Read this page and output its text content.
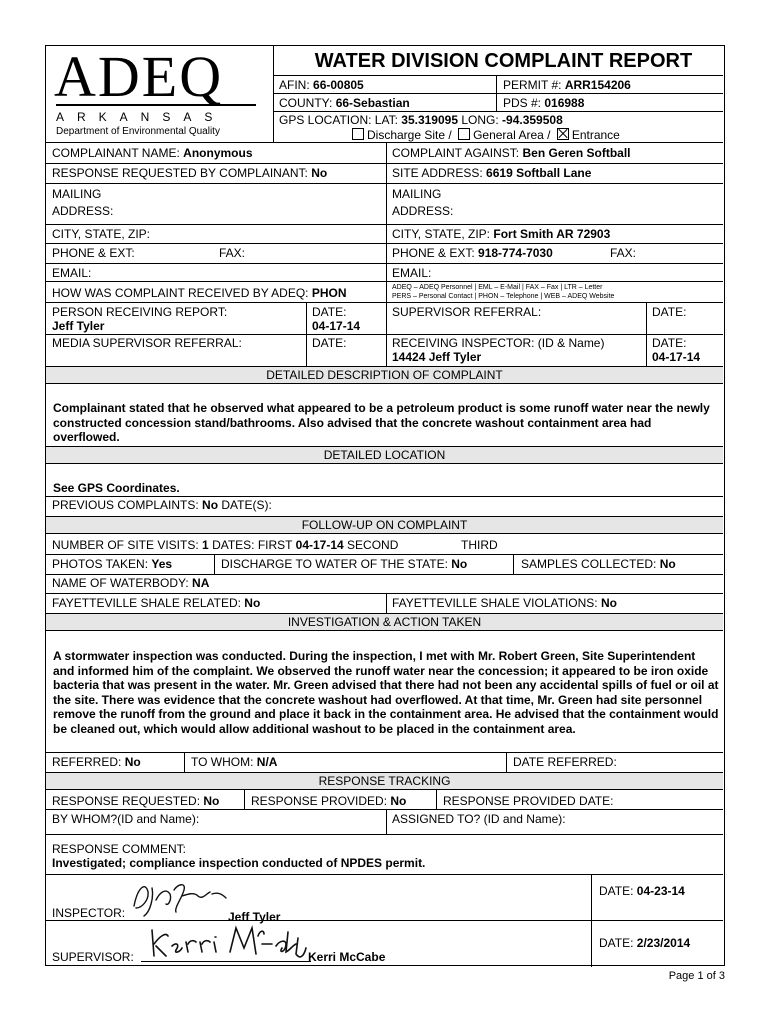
ADEQ
ARKANSAS
Department of Environmental Quality
WATER DIVISION COMPLAINT REPORT
AFIN: 66-00805	PERMIT #: ARR154206
COUNTY: 66-Sebastian	PDS #: 016988
GPS LOCATION: LAT: 35.319095 LONG: -94.359508
Discharge Site / General Area / Entrance
COMPLAINANT NAME: Anonymous	COMPLAINT AGAINST: Ben Geren Softball
RESPONSE REQUESTED BY COMPLAINANT: No	SITE ADDRESS: 6619 Softball Lane
MAILING
ADDRESS:
MAILING
ADDRESS:
CITY, STATE, ZIP:	CITY, STATE, ZIP: Fort Smith AR 72903
PHONE & EXT:	FAX:	PHONE & EXT: 918-774-7030	FAX:
EMAIL:	EMAIL:
HOW WAS COMPLAINT RECEIVED BY ADEQ: PHON	ADEQ – ADEQ Personnel | EML – E-Mail | FAX – Fax | LTR – Letter
PERS – Personal Contact | PHON – Telephone | WEB – ADEQ Website
PERSON RECEIVING REPORT:
Jeff Tyler
DATE:
04-17-14
SUPERVISOR REFERRAL:	DATE:
MEDIA SUPERVISOR REFERRAL:	DATE:	RECEIVING INSPECTOR: (ID & Name)
14424 Jeff Tyler
DATE:
04-17-14
DETAILED DESCRIPTION OF COMPLAINT
Complainant stated that he observed what appeared to be a petroleum product is some runoff water near the newly constructed concession stand/bathrooms. Also advised that the concrete washout containment area had overflowed.
DETAILED LOCATION
See GPS Coordinates.
PREVIOUS COMPLAINTS: No DATE(S):
FOLLOW-UP ON COMPLAINT
NUMBER OF SITE VISITS: 1 DATES: FIRST 04-17-14 SECOND	THIRD
PHOTOS TAKEN: Yes	DISCHARGE TO WATER OF THE STATE: No	SAMPLES COLLECTED: No
NAME OF WATERBODY: NA
FAYETTEVILLE SHALE RELATED: No	FAYETTEVILLE SHALE VIOLATIONS: No
INVESTIGATION & ACTION TAKEN
A stormwater inspection was conducted. During the inspection, I met with Mr. Robert Green, Site Superintendent and informed him of the complaint. We observed the runoff water near the concession; it appeared to be iron oxide bacteria that was present in the water. Mr. Green advised that there had not been any accidental spills of fuel or oil at the site. There was evidence that the concrete washout had overflowed. At that time, Mr. Green had site personnel remove the runoff from the ground and place it back in the containment area. He advised that the containment would be cleaned out, which would allow additional washout to be placed in the containment area.
REFERRED: No	TO WHOM: N/A	DATE REFERRED:
RESPONSE TRACKING
RESPONSE REQUESTED: No	RESPONSE PROVIDED: No	RESPONSE PROVIDED DATE:
BY WHOM?(ID and Name):	ASSIGNED TO? (ID and Name):
RESPONSE COMMENT:
Investigated; compliance inspection conducted of NPDES permit.
INSPECTOR:	Jeff Tyler
DATE: 04-23-14
SUPERVISOR:	Kerri McCabe
DATE: 2/23/2014
Page 1 of 3
